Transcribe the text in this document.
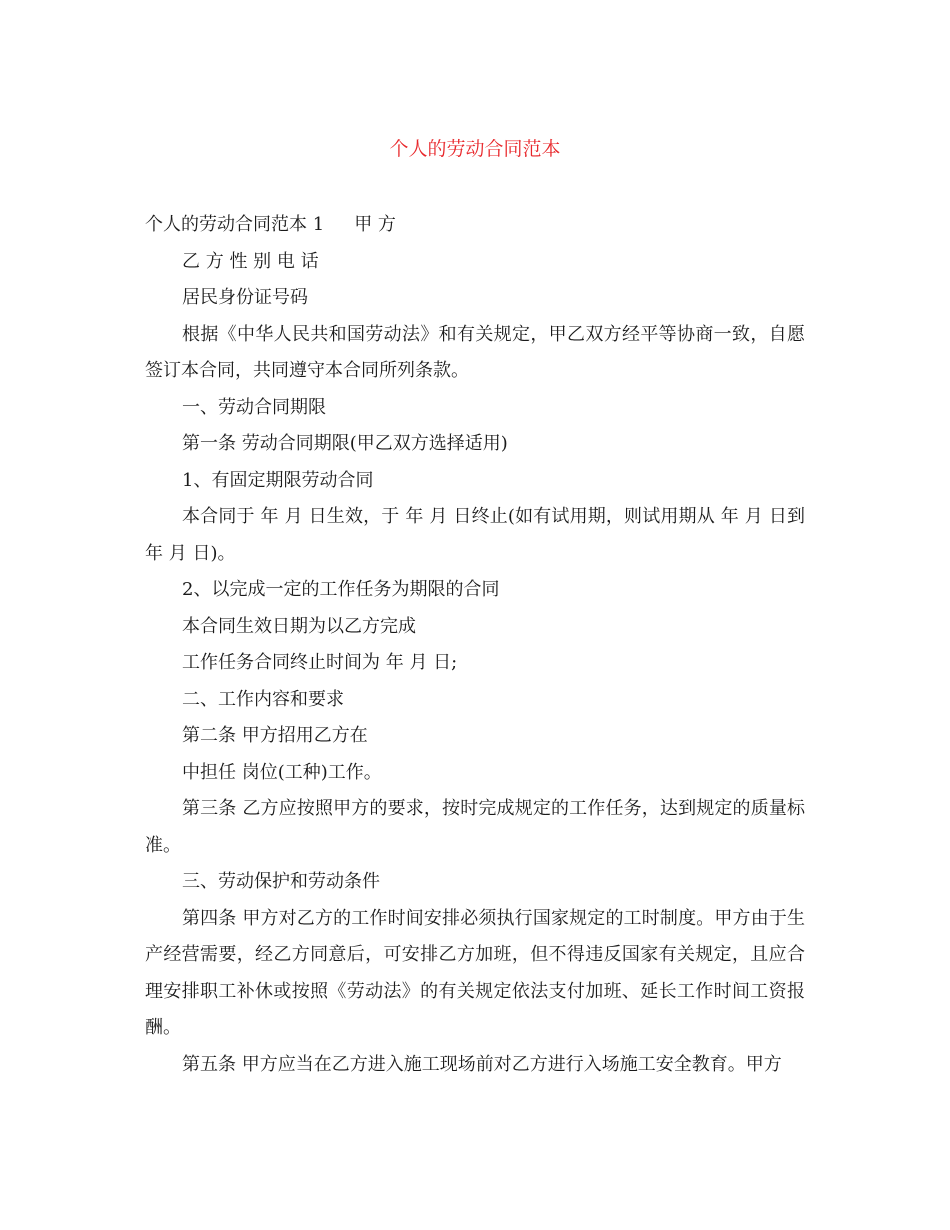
个人的劳动合同范本

个人的劳动合同范本 1 甲 方

乙 方 性 别 电 话

居民身份证号码

根据《中华人民共和国劳动法》和有关规定，甲乙双方经平等协商一致，自愿签订本合同，共同遵守本合同所列条款。

一、劳动合同期限

第一条 劳动合同期限(甲乙双方选择适用)

1、有固定期限劳动合同

本合同于 年 月 日生效，于 年 月 日终止(如有试用期，则试用期从 年 月 日到 年 月 日)。

2、以完成一定的工作任务为期限的合同

本合同生效日期为以乙方完成

工作任务合同终止时间为 年 月 日;

二、工作内容和要求

第二条 甲方招用乙方在

中担任 岗位(工种)工作。

第三条 乙方应按照甲方的要求，按时完成规定的工作任务，达到规定的质量标准。

三、劳动保护和劳动条件

第四条 甲方对乙方的工作时间安排必须执行国家规定的工时制度。甲方由于生产经营需要，经乙方同意后，可安排乙方加班，但不得违反国家有关规定，且应合理安排职工补休或按照《劳动法》的有关规定依法支付加班、延长工作时间工资报酬。

第五条 甲方应当在乙方进入施工现场前对乙方进行入场施工安全教育。甲方
